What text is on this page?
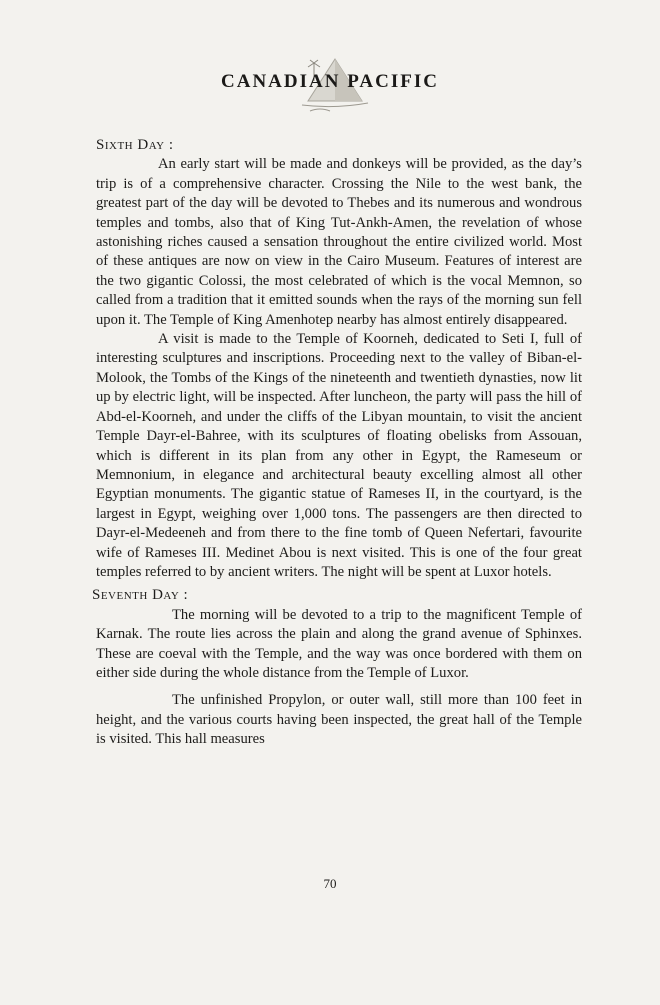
CANADIAN PACIFIC
Sixth Day :

An early start will be made and donkeys will be provided, as the day’s trip is of a comprehensive character. Crossing the Nile to the west bank, the greatest part of the day will be devoted to Thebes and its numerous and wondrous temples and tombs, also that of King Tut-Ankh-Amen, the revelation of whose astonishing riches caused a sensation throughout the entire civilized world. Most of these antiques are now on view in the Cairo Museum. Features of interest are the two gigantic Colossi, the most celebrated of which is the vocal Memnon, so called from a tradition that it emitted sounds when the rays of the morning sun fell upon it. The Temple of King Amenhotep nearby has almost entirely disappeared.

A visit is made to the Temple of Koorneh, dedicated to Seti I, full of interesting sculptures and inscriptions. Proceeding next to the valley of Biban-el-Molook, the Tombs of the Kings of the nineteenth and twentieth dynasties, now lit up by electric light, will be inspected. After luncheon, the party will pass the hill of Abd-el-Koorneh, and under the cliffs of the Libyan mountain, to visit the ancient Temple Dayr-el-Bahree, with its sculptures of floating obelisks from Assouan, which is different in its plan from any other in Egypt, the Rameseum or Memnonium, in elegance and architectural beauty excelling almost all other Egyptian monuments. The gigantic statue of Rameses II, in the courtyard, is the largest in Egypt, weighing over 1,000 tons. The passengers are then directed to Dayr-el-Medeeneh and from there to the fine tomb of Queen Nefertari, favourite wife of Rameses III. Medinet Abou is next visited. This is one of the four great temples referred to by ancient writers. The night will be spent at Luxor hotels.

Seventh Day :

The morning will be devoted to a trip to the magnificent Temple of Karnak. The route lies across the plain and along the grand avenue of Sphinxes. These are coeval with the Temple, and the way was once bordered with them on either side during the whole distance from the Temple of Luxor.

The unfinished Propylon, or outer wall, still more than 100 feet in height, and the various courts having been inspected, the great hall of the Temple is visited. This hall measures

70
